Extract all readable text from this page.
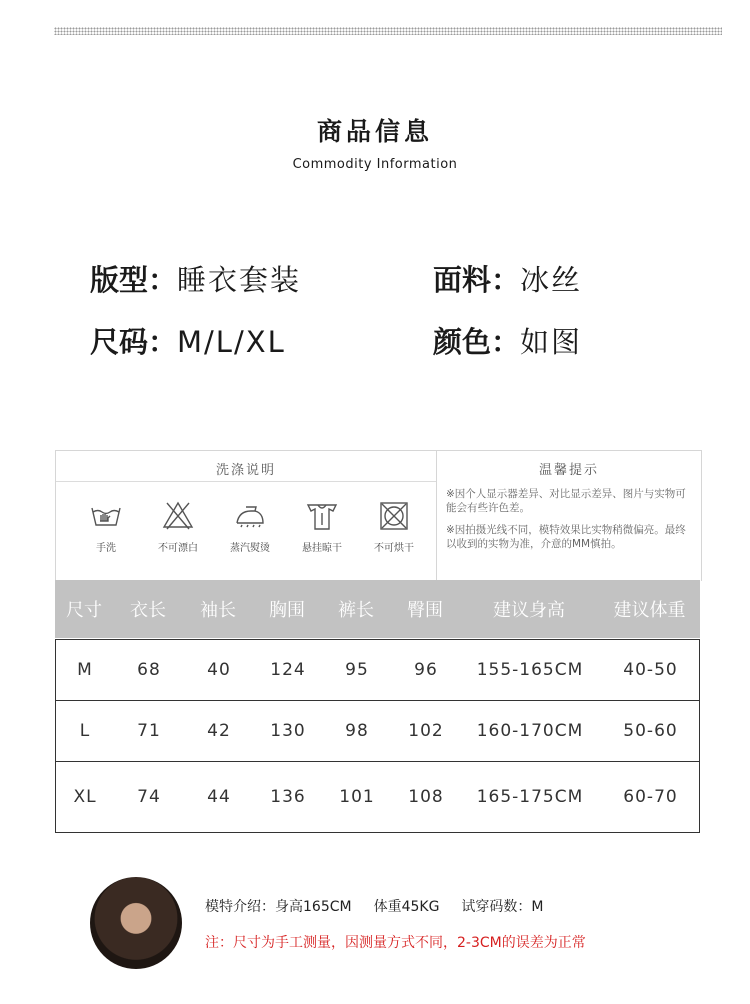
商品信息
Commodity Information
版型：睡衣套装	面料：冰丝
尺码：M/L/XL	颜色：如图
洗涤说明	温馨提示
手洗	不可漂白	蒸汽熨烫	悬挂晾干	不可烘干

※因个人显示器差异、对比显示差异、图片与实物可能会有些许色差。

※因拍摄光线不同，模特效果比实物稍微偏亮。最终以收到的实物为准，介意的MM慎拍。

尺寸	衣长	袖长	胸围	裤长	臀围	建议身高	建议体重
M	68	40	124	95	96	155-165CM	40-50
L	71	42	130	98	102	160-170CM	50-60
XL	74	44	136	101	108	165-175CM	60-70
模特介绍：身高165CM 体重45KG 试穿码数：M
注：尺寸为手工测量，因测量方式不同，2-3CM的误差为正常
